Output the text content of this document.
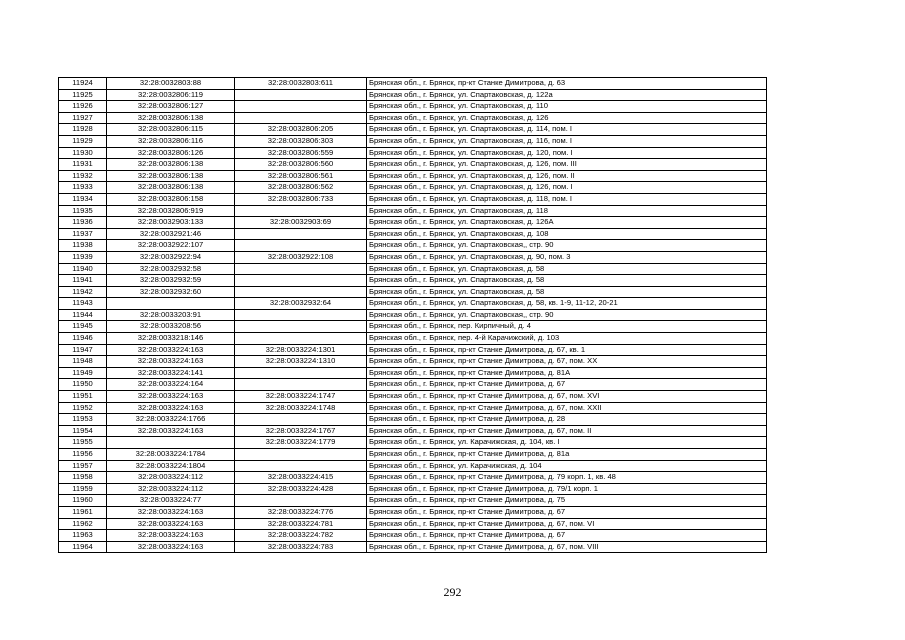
11924	32:28:0032803:88	32:28:0032803:611	Брянская обл., г. Брянск, пр-кт Станке Димитрова, д. 63
11925	32:28:0032806:119		Брянская обл., г. Брянск, ул. Спартаковская, д. 122а
11926	32:28:0032806:127		Брянская обл., г. Брянск, ул. Спартаковская, д. 110
11927	32:28:0032806:138		Брянская обл., г. Брянск, ул. Спартаковская, д. 126
11928	32:28:0032806:115	32:28:0032806:205	Брянская обл., г. Брянск, ул. Спартаковская, д. 114, пом. I
11929	32:28:0032806:116	32:28:0032806:303	Брянская обл., г. Брянск, ул. Спартаковская, д. 116, пом. I
11930	32:28:0032806:126	32:28:0032806:559	Брянская обл., г. Брянск, ул. Спартаковская, д. 120, пом. I
11931	32:28:0032806:138	32:28:0032806:560	Брянская обл., г. Брянск, ул. Спартаковская, д. 126, пом. III
11932	32:28:0032806:138	32:28:0032806:561	Брянская обл., г. Брянск, ул. Спартаковская, д. 126, пом. II
11933	32:28:0032806:138	32:28:0032806:562	Брянская обл., г. Брянск, ул. Спартаковская, д. 126, пом. I
11934	32:28:0032806:158	32:28:0032806:733	Брянская обл., г. Брянск, ул. Спартаковская, д. 118, пом. I
11935	32:28:0032806:919		Брянская обл., г. Брянск, ул. Спартаковская, д. 118
11936	32:28:0032903:133	32:28:0032903:69	Брянская обл., г. Брянск, ул. Спартаковская, д. 126А
11937	32:28:0032921:46		Брянская обл., г. Брянск, ул. Спартаковская, д. 108
11938	32:28:0032922:107		Брянская обл., г. Брянск, ул. Спартаковская,, стр. 90
11939	32:28:0032922:94	32:28:0032922:108	Брянская обл., г. Брянск, ул. Спартаковская, д. 90, пом. 3
11940	32:28:0032932:58		Брянская обл., г. Брянск, ул. Спартаковская, д. 58
11941	32:28:0032932:59		Брянская обл., г. Брянск, ул. Спартаковская, д. 58
11942	32:28:0032932:60		Брянская обл., г. Брянск, ул. Спартаковская, д. 58
11943		32:28:0032932:64	Брянская обл., г. Брянск, ул. Спартаковская, д. 58, кв. 1-9, 11-12, 20-21
11944	32:28:0033203:91		Брянская обл., г. Брянск, ул. Спартаковская,, стр. 90
11945	32:28:0033208:56		Брянская обл., г. Брянск, пер. Кирпичный, д. 4
11946	32:28:0033218:146		Брянская обл., г. Брянск, пер. 4-й Карачижский, д. 103
11947	32:28:0033224:163	32:28:0033224:1301	Брянская обл., г. Брянск, пр-кт Станке Димитрова, д. 67, кв. 1
11948	32:28:0033224:163	32:28:0033224:1310	Брянская обл., г. Брянск, пр-кт Станке Димитрова, д. 67, пом. XX
11949	32:28:0033224:141		Брянская обл., г. Брянск, пр-кт Станке Димитрова, д. 81А
11950	32:28:0033224:164		Брянская обл., г. Брянск, пр-кт Станке Димитрова, д. 67
11951	32:28:0033224:163	32:28:0033224:1747	Брянская обл., г. Брянск, пр-кт Станке Димитрова, д. 67, пом. XVI
11952	32:28:0033224:163	32:28:0033224:1748	Брянская обл., г. Брянск, пр-кт Станке Димитрова, д. 67, пом. XXII
11953	32:28:0033224:1766		Брянская обл., г. Брянск, пр-кт Станке Димитрова, д. 28
11954	32:28:0033224:163	32:28:0033224:1767	Брянская обл., г. Брянск, пр-кт Станке Димитрова, д. 67, пом. II
11955		32:28:0033224:1779	Брянская обл., г. Брянск, ул. Карачижская, д. 104, кв. I
11956	32:28:0033224:1784		Брянская обл., г. Брянск, пр-кт Станке Димитрова, д. 81а
11957	32:28:0033224:1804		Брянская обл., г. Брянск, ул. Карачижская, д. 104
11958	32:28:0033224:112	32:28:0033224:415	Брянская обл., г. Брянск, пр-кт Станке Димитрова, д. 79 корп. 1, кв. 48
11959	32:28:0033224:112	32:28:0033224:428	Брянская обл., г. Брянск, пр-кт Станке Димитрова, д. 79/1 корп. 1
11960	32:28:0033224:77		Брянская обл., г. Брянск, пр-кт Станке Димитрова, д. 75
11961	32:28:0033224:163	32:28:0033224:776	Брянская обл., г. Брянск, пр-кт Станке Димитрова, д. 67
11962	32:28:0033224:163	32:28:0033224:781	Брянская обл., г. Брянск, пр-кт Станке Димитрова, д. 67, пом. VI
11963	32:28:0033224:163	32:28:0033224:782	Брянская обл., г. Брянск, пр-кт Станке Димитрова, д. 67
11964	32:28:0033224:163	32:28:0033224:783	Брянская обл., г. Брянск, пр-кт Станке Димитрова, д. 67, пом. VIII
292
